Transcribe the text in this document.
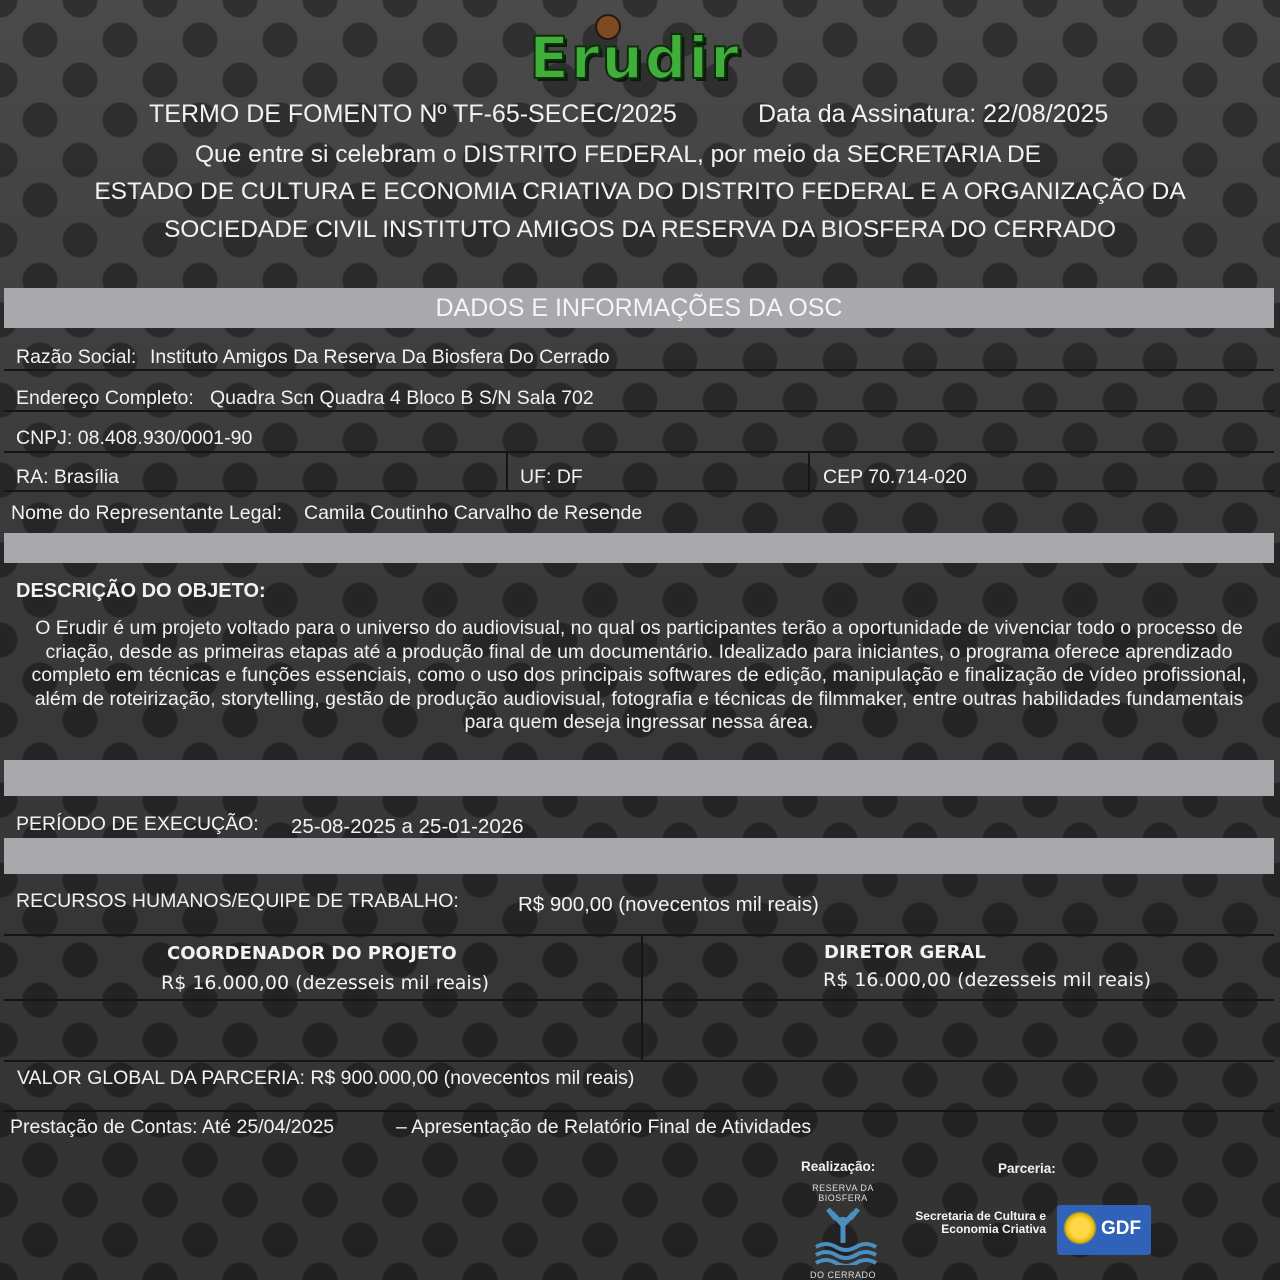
Erudir
TERMO DE FOMENTO Nº TF-65-SECEC/2025	Data da Assinatura: 22/08/2025
Que entre si celebram o DISTRITO FEDERAL, por meio da SECRETARIA DE
ESTADO DE CULTURA E ECONOMIA CRIATIVA DO DISTRITO FEDERAL E A ORGANIZAÇÃO DA
SOCIEDADE CIVIL INSTITUTO AMIGOS DA RESERVA DA BIOSFERA DO CERRADO
DADOS E INFORMAÇÕES DA OSC
Razão Social: Instituto Amigos Da Reserva Da Biosfera Do Cerrado
Endereço Completo: Quadra Scn Quadra 4 Bloco B S/N Sala 702
CNPJ: 08.408.930/0001-90
RA: Brasília	UF: DF	CEP 70.714-020
Nome do Representante Legal: Camila Coutinho Carvalho de Resende
DESCRIÇÃO DO OBJETO:
O Erudir é um projeto voltado para o universo do audiovisual, no qual os participantes terão a oportunidade de vivenciar todo o processo de criação, desde as primeiras etapas até a produção final de um documentário. Idealizado para iniciantes, o programa oferece aprendizado completo em técnicas e funções essenciais, como o uso dos principais softwares de edição, manipulação e finalização de vídeo profissional, além de roteirização, storytelling, gestão de produção audiovisual, fotografia e técnicas de filmmaker, entre outras habilidades fundamentais para quem deseja ingressar nessa área.
PERÍODO DE EXECUÇÃO: 25-08-2025 a 25-01-2026
RECURSOS HUMANOS/EQUIPE DE TRABALHO:	R$ 900,00 (novecentos mil reais)
COORDENADOR DO PROJETO
R$ 16.000,00 (dezesseis mil reais)
DIRETOR GERAL
R$ 16.000,00 (dezesseis mil reais)
VALOR GLOBAL DA PARCERIA: R$ 900.000,00 (novecentos mil reais)
Prestação de Contas: Até 25/04/2025	– Apresentação de Relatório Final de Atividades
Realização:	Parceria:
RESERVA DA BIOSFERA
DO CERRADO
Secretaria de Cultura e Economia Criativa	GDF
